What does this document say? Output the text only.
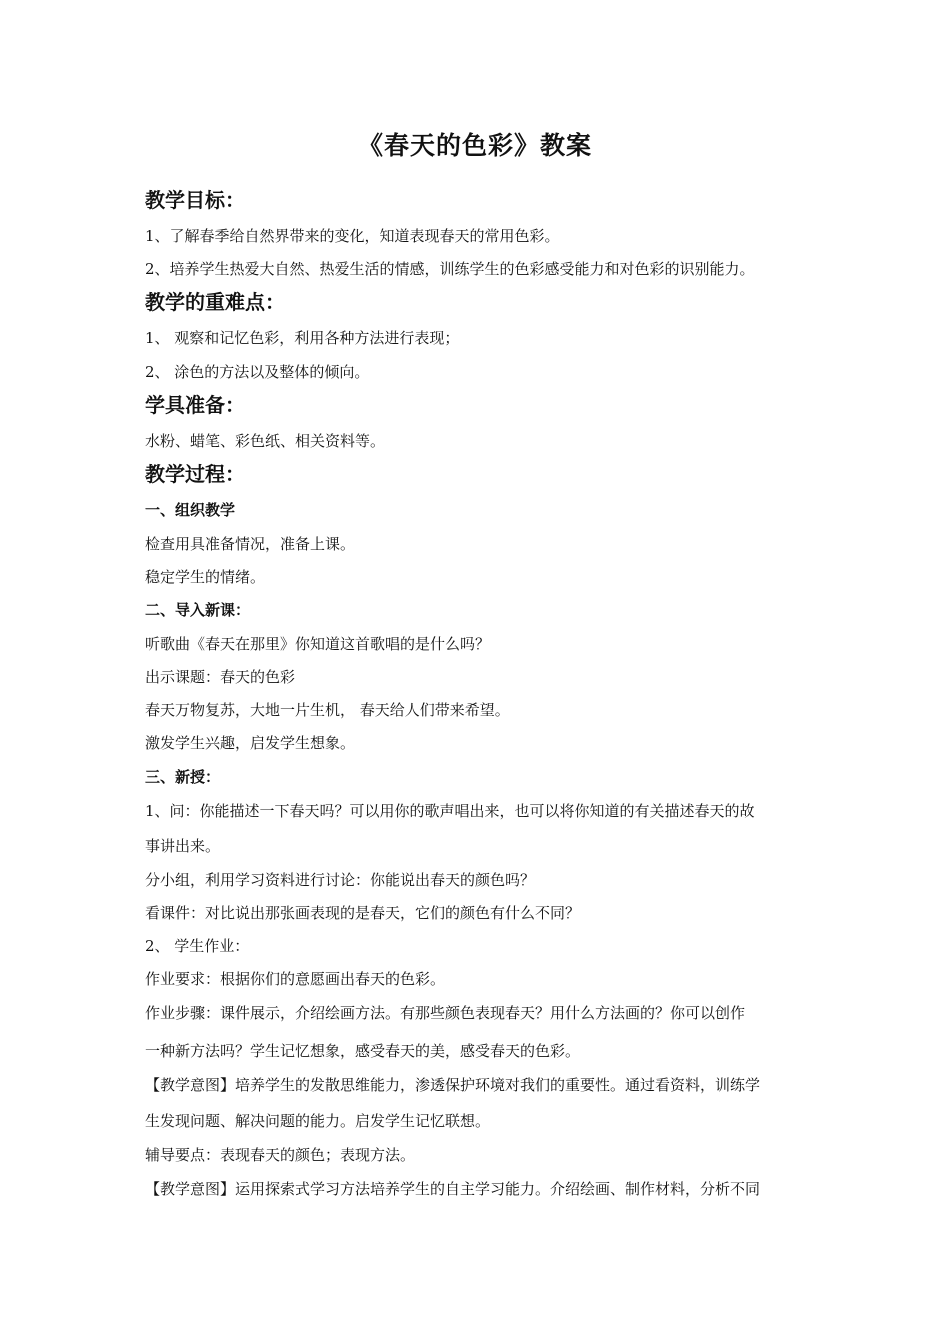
《春天的色彩》教案
教学目标：
1、了解春季给自然界带来的变化，知道表现春天的常用色彩。
2、培养学生热爱大自然、热爱生活的情感，训练学生的色彩感受能力和对色彩的识别能力。
教学的重难点：
1、 观察和记忆色彩，利用各种方法进行表现；
2、 涂色的方法以及整体的倾向。
学具准备：
水粉、蜡笔、彩色纸、相关资料等。
教学过程：
一、组织教学
检查用具准备情况，准备上课。
稳定学生的情绪。
二、导入新课：
听歌曲《春天在那里》你知道这首歌唱的是什么吗？
出示课题：春天的色彩
春天万物复苏，大地一片生机， 春天给人们带来希望。
激发学生兴趣，启发学生想象。
三、新授：
1、问：你能描述一下春天吗？可以用你的歌声唱出来，也可以将你知道的有关描述春天的故
事讲出来。
分小组，利用学习资料进行讨论：你能说出春天的颜色吗？
看课件：对比说出那张画表现的是春天，它们的颜色有什么不同？
2、 学生作业：
作业要求：根据你们的意愿画出春天的色彩。
作业步骤：课件展示，介绍绘画方法。有那些颜色表现春天？用什么方法画的？你可以创作
一种新方法吗？学生记忆想象，感受春天的美，感受春天的色彩。
【教学意图】培养学生的发散思维能力，渗透保护环境对我们的重要性。通过看资料，训练学
生发现问题、解决问题的能力。启发学生记忆联想。
辅导要点：表现春天的颜色；表现方法。
【教学意图】运用探索式学习方法培养学生的自主学习能力。介绍绘画、制作材料，分析不同
